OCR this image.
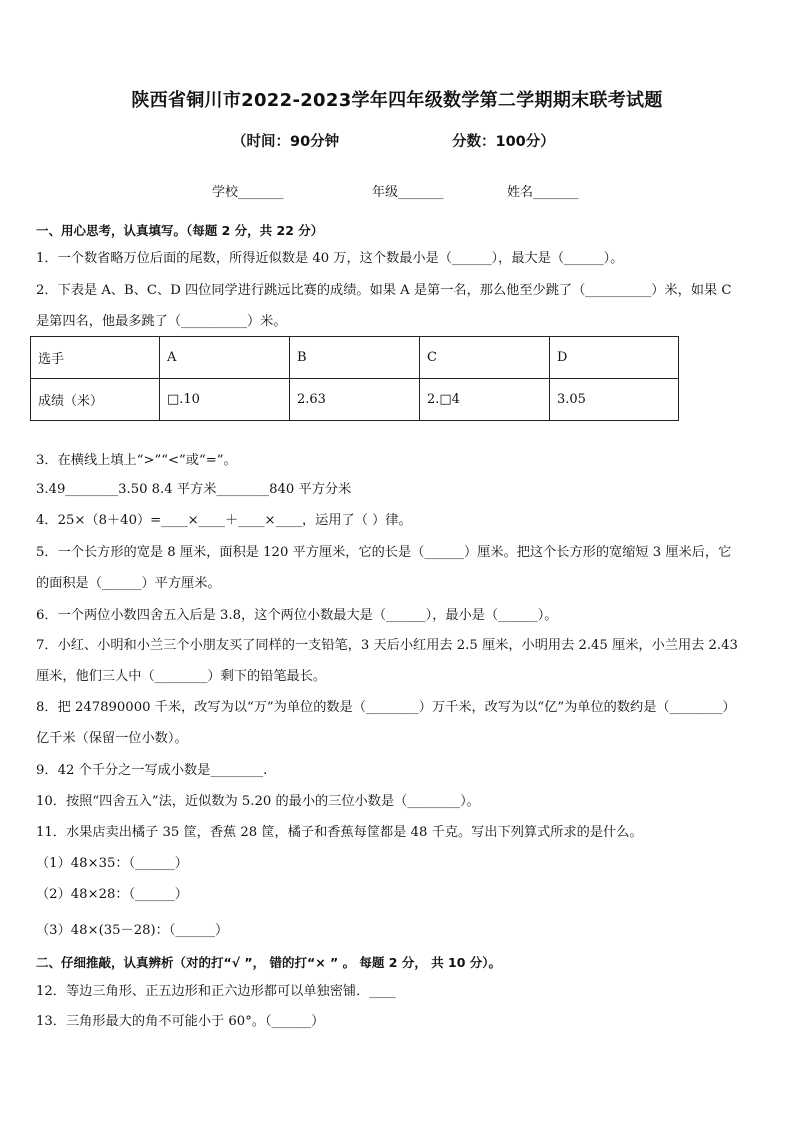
陕西省铜川市2022-2023学年四年级数学第二学期期末联考试题
（时间：90分钟	分数：100分）
学校_______	年级_______	姓名_______
一、用心思考，认真填写。（每题 2 分，共 22 分）
1．一个数省略万位后面的尾数，所得近似数是 40 万，这个数最小是（______），最大是（______）。
2．下表是 A、B、C、D 四位同学进行跳远比赛的成绩。如果 A 是第一名，那么他至少跳了（__________）米，如果 C
是第四名，他最多跳了（__________）米。
选手	A	B	C	D
成绩（米）	□.10	2.63	2.□4	3.05
3．在横线上填上“>”“<”或“=”。
3.49________3.50 8.4 平方米________840 平方分米
4．25×（8＋40）=____×____＋____×____，运用了（ ）律。
5．一个长方形的宽是 8 厘米，面积是 120 平方厘米，它的长是（______）厘米。把这个长方形的宽缩短 3 厘米后，它
的面积是（______）平方厘米。
6．一个两位小数四舍五入后是 3.8，这个两位小数最大是（______），最小是（______）。
7．小红、小明和小兰三个小朋友买了同样的一支铅笔，3 天后小红用去 2.5 厘米，小明用去 2.45 厘米，小兰用去 2.43
厘米，他们三人中（________）剩下的铅笔最长。
8．把 247890000 千米，改写为以“万”为单位的数是（________）万千米，改写为以“亿”为单位的数约是（________）
亿千米（保留一位小数）。
9．42 个千分之一写成小数是________.
10．按照“四舍五入”法，近似数为 5.20 的最小的三位小数是（________）。
11．水果店卖出橘子 35 筐，香蕉 28 筐，橘子和香蕉每筐都是 48 千克。写出下列算式所求的是什么。
（1）48×35：（______）
（2）48×28：（______）
（3）48×(35－28)：（______）
二、仔细推敲，认真辨析（对的打“√ ”， 错的打“× ” 。 每题 2 分， 共 10 分）。
12．等边三角形、正五边形和正六边形都可以单独密铺．____
13．三角形最大的角不可能小于 60°。（______）
